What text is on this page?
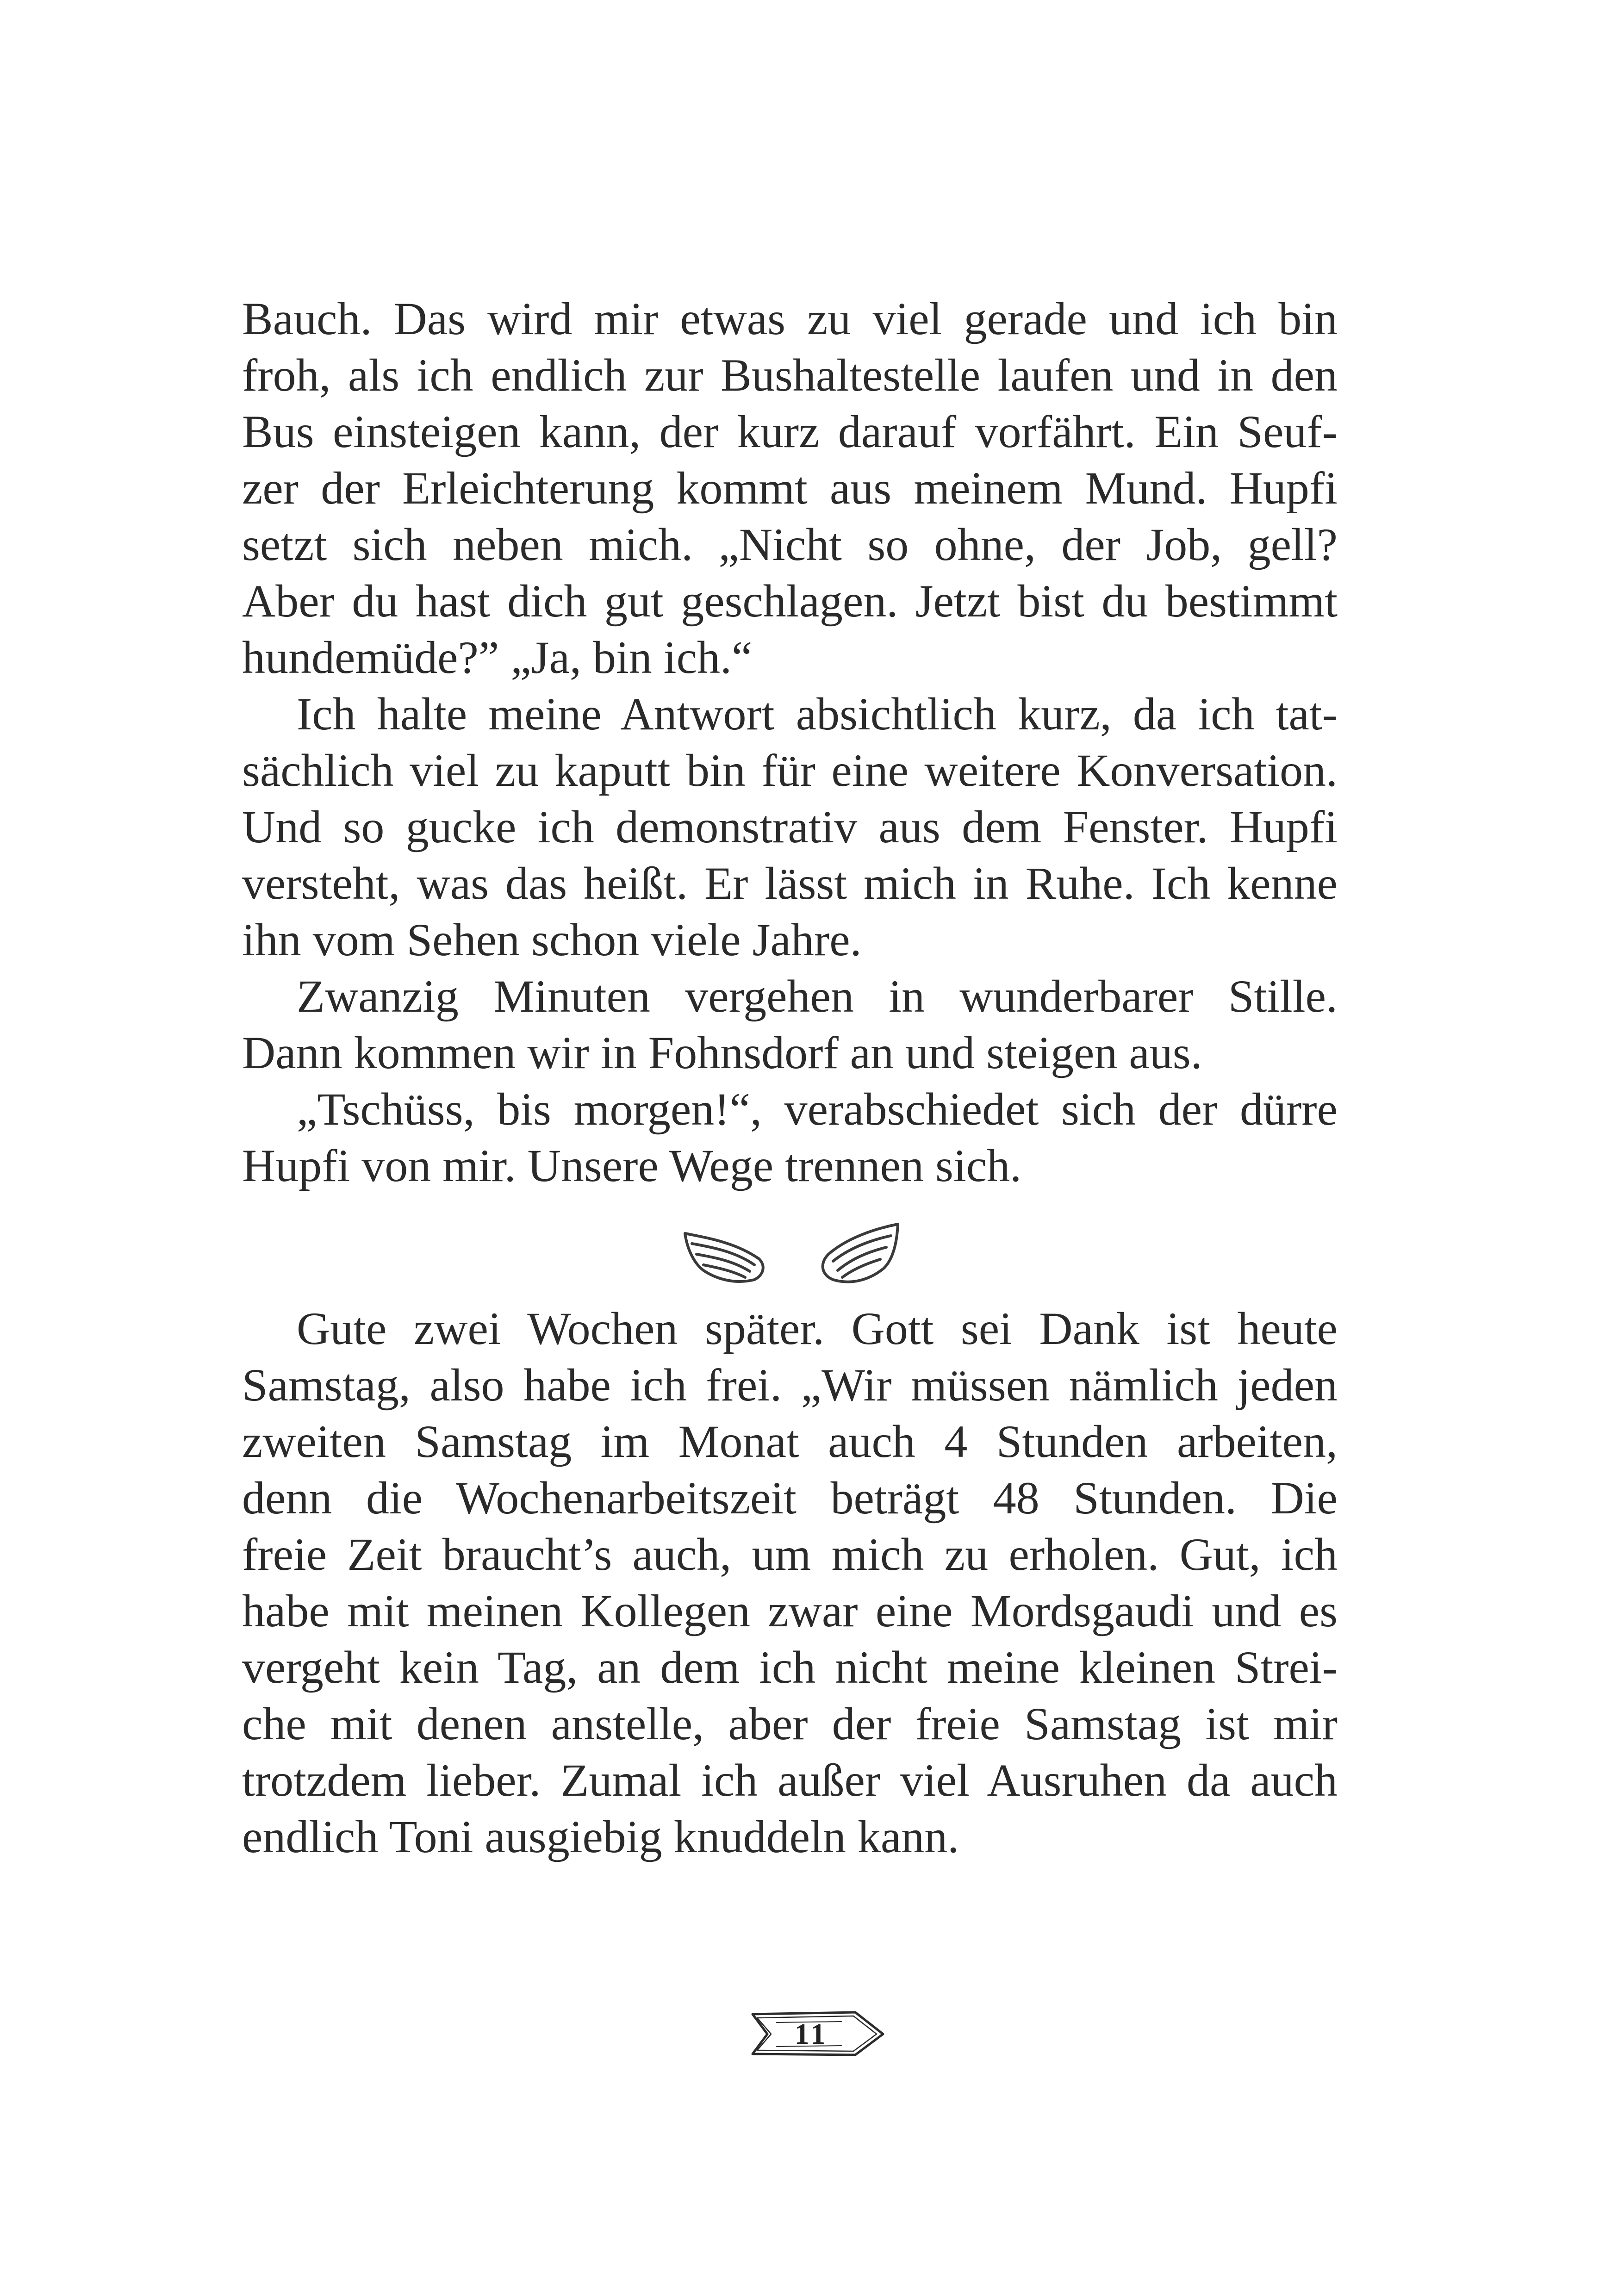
Bauch. Das wird mir etwas zu viel gerade und ich bin
froh, als ich endlich zur Bushaltestelle laufen und in den
Bus einsteigen kann, der kurz darauf vorfährt. Ein Seuf-
zer der Erleichterung kommt aus meinem Mund. Hupfi
setzt sich neben mich. „Nicht so ohne, der Job, gell?
Aber du hast dich gut geschlagen. Jetzt bist du bestimmt
hundemüde?” „Ja, bin ich.“
Ich halte meine Antwort absichtlich kurz, da ich tat-
sächlich viel zu kaputt bin für eine weitere Konversation.
Und so gucke ich demonstrativ aus dem Fenster. Hupfi
versteht, was das heißt. Er lässt mich in Ruhe. Ich kenne
ihn vom Sehen schon viele Jahre.
Zwanzig Minuten vergehen in wunderbarer Stille.
Dann kommen wir in Fohnsdorf an und steigen aus.
„Tschüss, bis morgen!“, verabschiedet sich der dürre
Hupfi von mir. Unsere Wege trennen sich.
Gute zwei Wochen später. Gott sei Dank ist heute
Samstag, also habe ich frei. „Wir müssen nämlich jeden
zweiten Samstag im Monat auch 4 Stunden arbeiten,
denn die Wochenarbeitszeit beträgt 48 Stunden. Die
freie Zeit braucht’s auch, um mich zu erholen. Gut, ich
habe mit meinen Kollegen zwar eine Mordsgaudi und es
vergeht kein Tag, an dem ich nicht meine kleinen Strei-
che mit denen anstelle, aber der freie Samstag ist mir
trotzdem lieber. Zumal ich außer viel Ausruhen da auch
endlich Toni ausgiebig knuddeln kann.
11
